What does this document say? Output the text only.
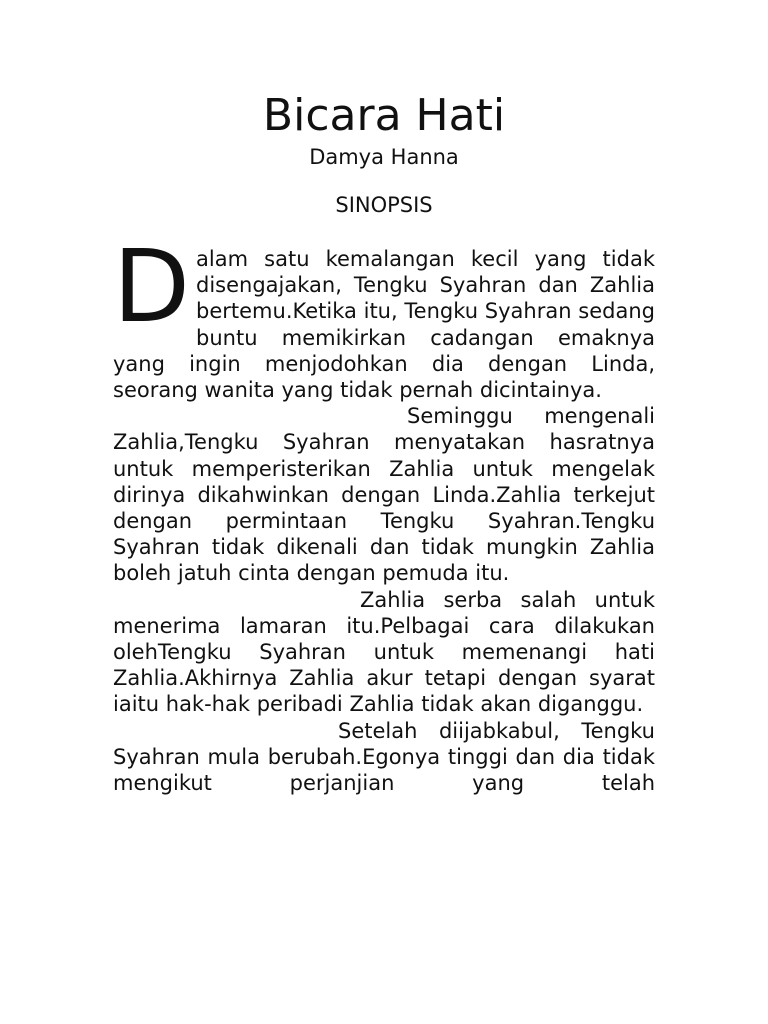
Bicara Hati
Damya Hanna
SINOPSIS

Dalam satu kemalangan kecil yang tidak disengajakan, Tengku Syahran dan Zahlia bertemu.Ketika itu, Tengku Syahran sedang buntu memikirkan cadangan emaknya yang ingin menjodohkan dia dengan Linda, seorang wanita yang tidak pernah dicintainya.

Seminggu mengenali Zahlia,Tengku Syahran menyatakan hasratnya untuk memperisterikan Zahlia untuk mengelak dirinya dikahwinkan dengan Linda.Zahlia terkejut dengan permintaan Tengku Syahran.Tengku Syahran tidak dikenali dan tidak mungkin Zahlia boleh jatuh cinta dengan pemuda itu.

Zahlia serba salah untuk menerima lamaran itu.Pelbagai cara dilakukan olehTengku Syahran untuk memenangi hati Zahlia.Akhirnya Zahlia akur tetapi dengan syarat iaitu hak-hak peribadi Zahlia tidak akan diganggu.

Setelah diijabkabul, Tengku Syahran mula berubah.Egonya tinggi dan dia tidak mengikut perjanjian yang telah
